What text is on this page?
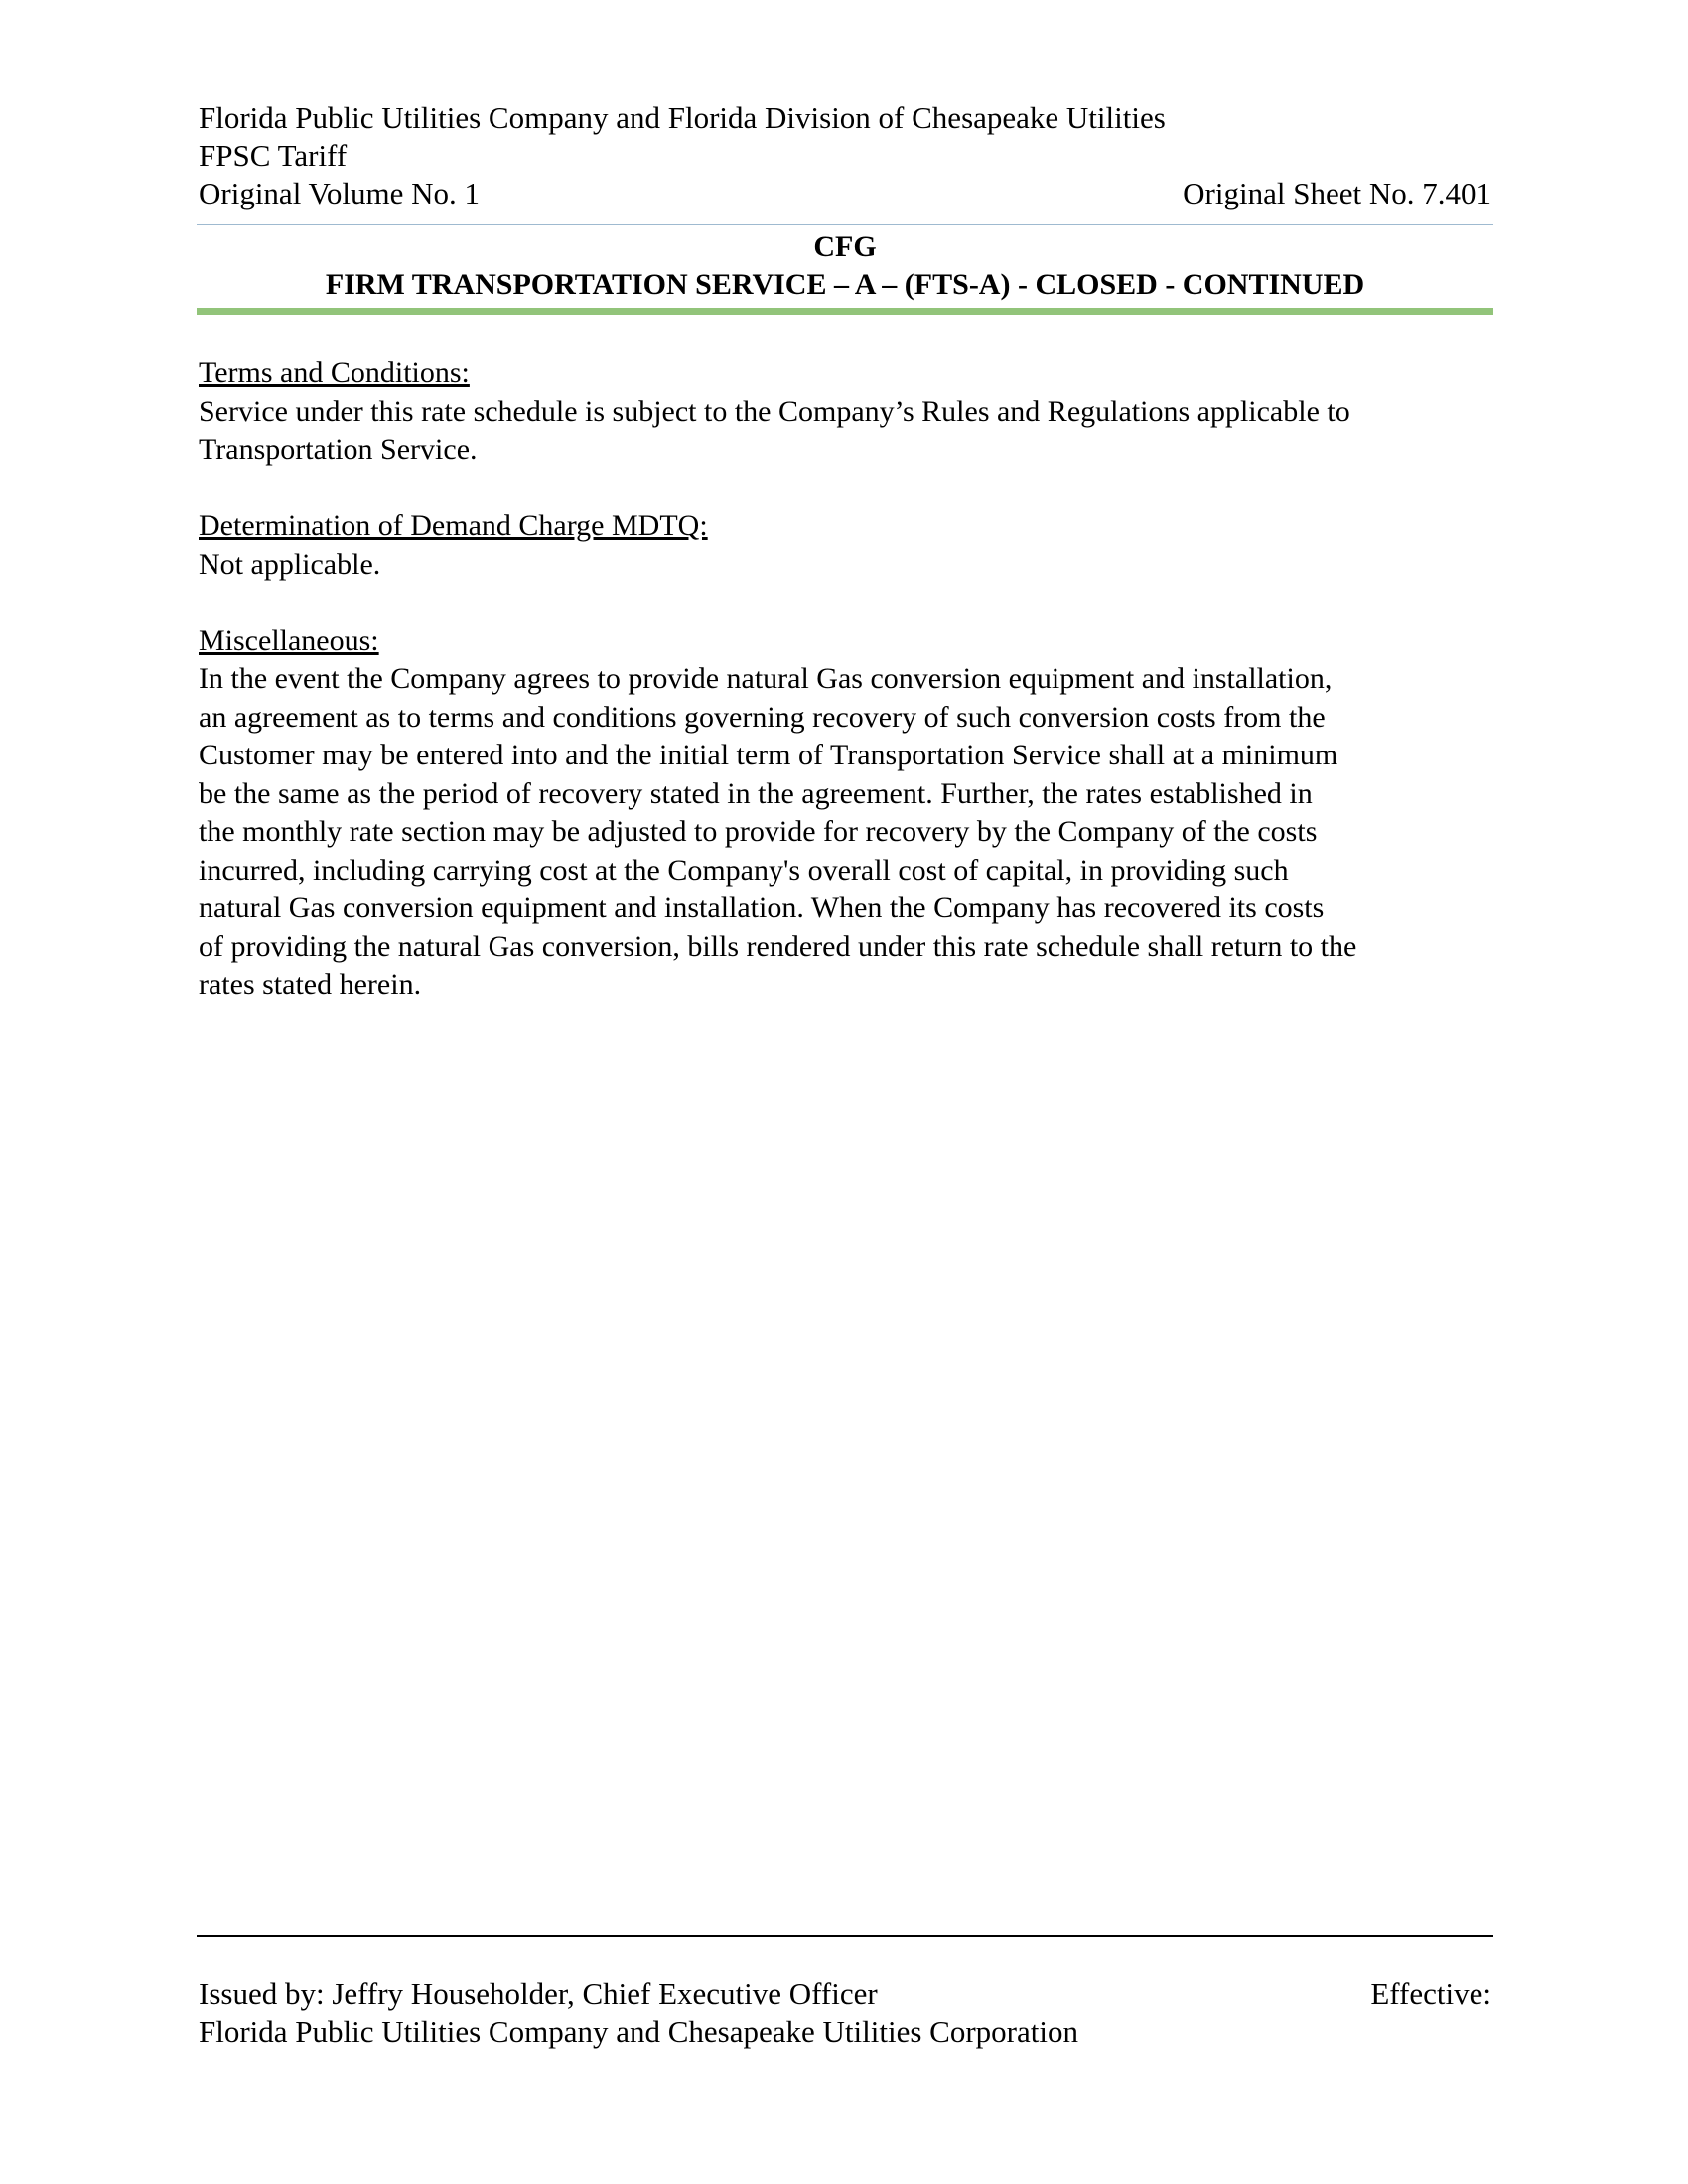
Florida Public Utilities Company and Florida Division of Chesapeake Utilities
FPSC Tariff
Original Volume No. 1	Original Sheet No. 7.401
CFG
FIRM TRANSPORTATION SERVICE – A – (FTS-A) - CLOSED - CONTINUED
Terms and Conditions:
Service under this rate schedule is subject to the Company’s Rules and Regulations applicable to
Transportation Service.
Determination of Demand Charge MDTQ:
Not applicable.
Miscellaneous:
In the event the Company agrees to provide natural Gas conversion equipment and installation,
an agreement as to terms and conditions governing recovery of such conversion costs from the
Customer may be entered into and the initial term of Transportation Service shall at a minimum
be the same as the period of recovery stated in the agreement. Further, the rates established in
the monthly rate section may be adjusted to provide for recovery by the Company of the costs
incurred, including carrying cost at the Company's overall cost of capital, in providing such
natural Gas conversion equipment and installation. When the Company has recovered its costs
of providing the natural Gas conversion, bills rendered under this rate schedule shall return to the
rates stated herein.
Issued by: Jeffry Householder, Chief Executive Officer	Effective:
Florida Public Utilities Company and Chesapeake Utilities Corporation
